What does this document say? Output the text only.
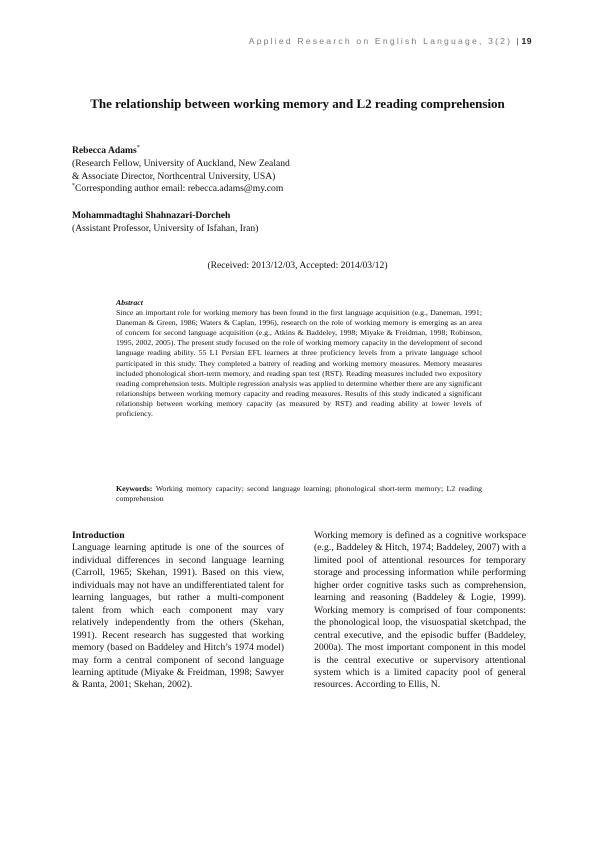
Applied Research on English Language, 3(2) | 19
The relationship between working memory and L2 reading comprehension
Rebecca Adams*
(Research Fellow, University of Auckland, New Zealand
& Associate Director, Northcentral University, USA)
*Corresponding author email: rebecca.adams@my.com
Mohammadtaghi Shahnazari-Dorcheh
(Assistant Professor, University of Isfahan, Iran)
(Received: 2013/12/03, Accepted: 2014/03/12)
Abstract
Since an important role for working memory has been found in the first language acquisition (e.g., Daneman, 1991; Daneman & Green, 1986; Waters & Caplan, 1996), research on the role of working memory is emerging as an area of concern for second language acquisition (e.g., Atkins & Baddeley, 1998; Miyake & Freidman, 1998; Robinson, 1995, 2002, 2005). The present study focused on the role of working memory capacity in the development of second language reading ability. 55 L1 Persian EFL learners at three proficiency levels from a private language school participated in this study. They completed a battery of reading and working memory measures. Memory measures included phonological short-term memory, and reading span test (RST). Reading measures included two expository reading comprehension tests. Multiple regression analysis was applied to determine whether there are any significant relationships between working memory capacity and reading measures. Results of this study indicated a significant relationship between working memory capacity (as measured by RST) and reading ability at lower levels of proficiency.
Keywords: Working memory capacity; second language learning; phonological short-term memory; L2 reading comprehension
Introduction
Language learning aptitude is one of the sources of individual differences in second language learning (Carroll, 1965; Skehan, 1991). Based on this view, individuals may not have an undifferentiated talent for learning languages, but rather a multi-component talent from which each component may vary relatively independently from the others (Skehan, 1991). Recent research has suggested that working memory (based on Baddeley and Hitch’s 1974 model) may form a central component of second language learning aptitude (Miyake & Freidman, 1998; Sawyer & Ranta, 2001; Skehan, 2002).
Working memory is defined as a cognitive workspace (e.g., Baddeley & Hitch, 1974; Baddeley, 2007) with a limited pool of attentional resources for temporary storage and processing information while performing higher order cognitive tasks such as comprehension, learning and reasoning (Baddeley & Logie, 1999). Working memory is comprised of four components: the phonological loop, the visuospatial sketchpad, the central executive, and the episodic buffer (Baddeley, 2000a). The most important component in this model is the central executive or supervisory attentional system which is a limited capacity pool of general resources. According to Ellis, N.
